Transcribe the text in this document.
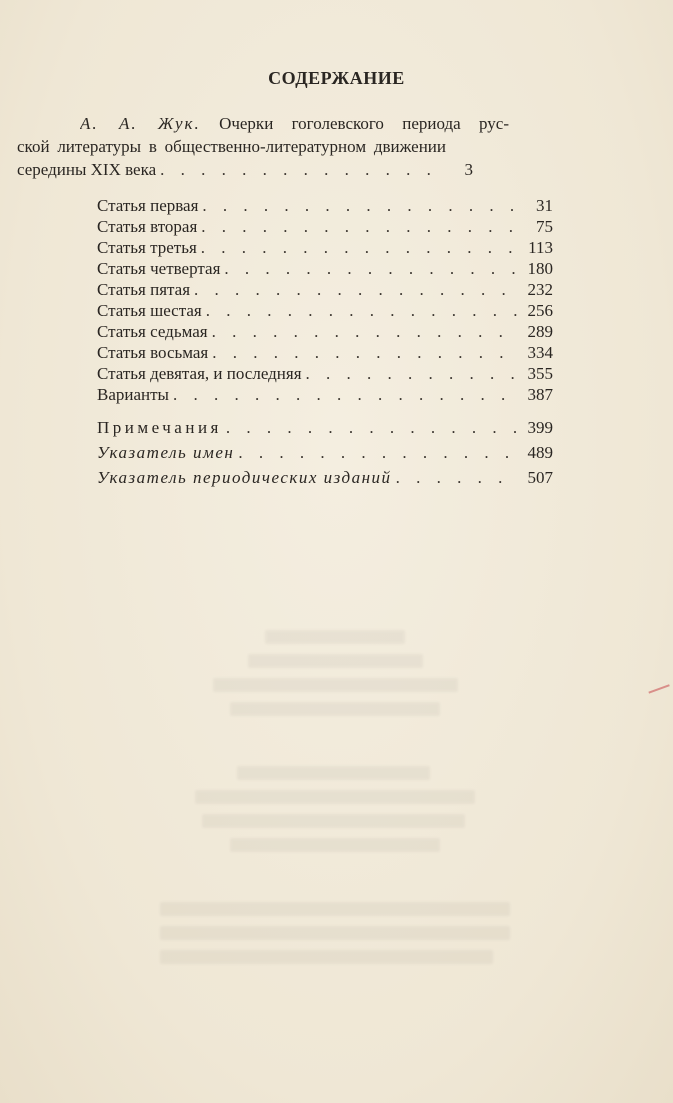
СОДЕРЖАНИЕ
А. А. Жук. Очерки гоголевского периода рус-
ской литературы в общественно-литературном движении
середины XIX века . . .	3
Статья первая . . .	31
Статья вторая . . .	75
Статья третья . . .	113
Статья четвертая . . .	180
Статья пятая . . .	232
Статья шестая . . .	256
Статья седьмая . . .	289
Статья восьмая . . .	334
Статья девятая, и последняя . . .	355
Варианты . . .	387
Примечания . . .	399
Указатель имен . . .	489
Указатель периодических изданий . . .	507
